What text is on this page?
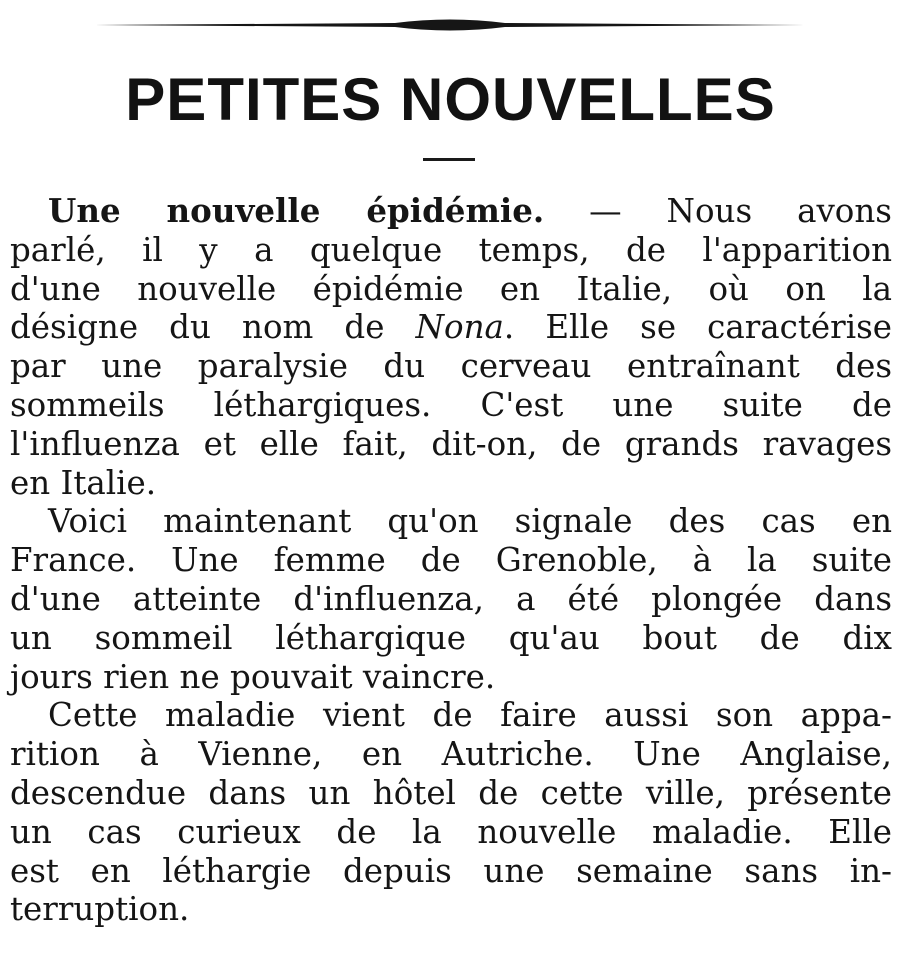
PETITES NOUVELLES
Une nouvelle épidémie. — Nous avons
parlé, il y a quelque temps, de l'apparition
d'une nouvelle épidémie en Italie, où on la
désigne du nom de Nona. Elle se caractérise
par une paralysie du cerveau entraînant des
sommeils léthargiques. C'est une suite de
l'influenza et elle fait, dit-on, de grands ravages
en Italie.
Voici maintenant qu'on signale des cas en
France. Une femme de Grenoble, à la suite
d'une atteinte d'influenza, a été plongée dans
un sommeil léthargique qu'au bout de dix
jours rien ne pouvait vaincre.
Cette maladie vient de faire aussi son appa-
rition à Vienne, en Autriche. Une Anglaise,
descendue dans un hôtel de cette ville, présente
un cas curieux de la nouvelle maladie. Elle
est en léthargie depuis une semaine sans in-
terruption.
